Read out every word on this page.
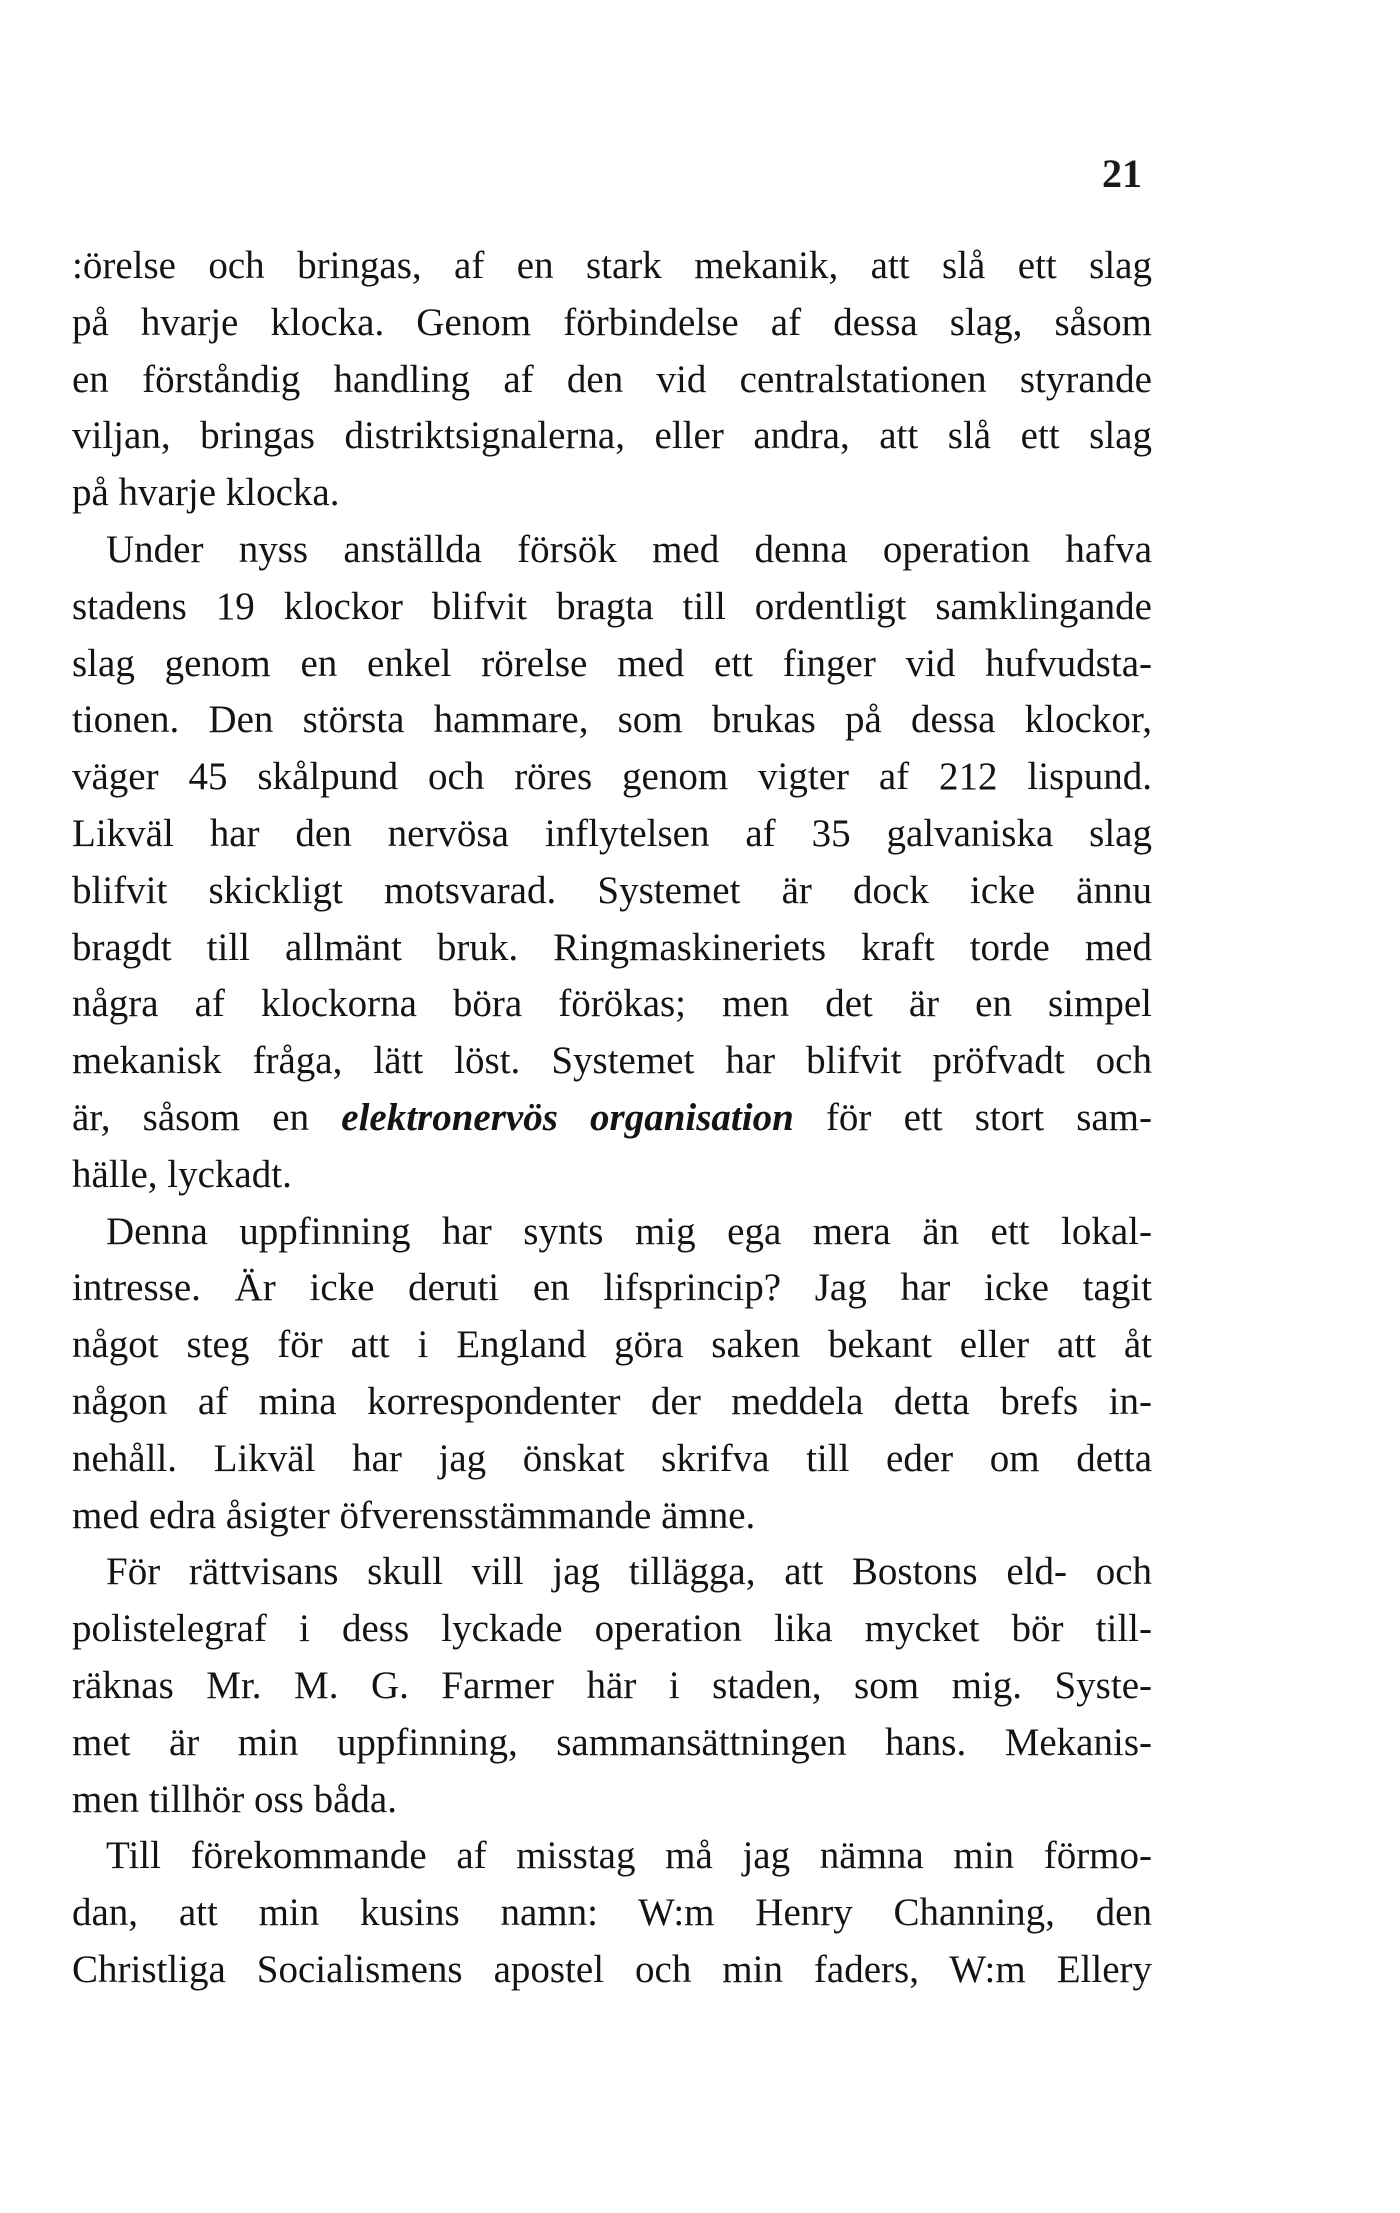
21
:örelse och bringas, af en stark mekanik, att slå ett slag
på hvarje klocka. Genom förbindelse af dessa slag, såsom
en förståndig handling af den vid centralstationen styrande
viljan, bringas distriktsignalerna, eller andra, att slå ett slag
på hvarje klocka.
Under nyss anställda försök med denna operation hafva
stadens 19 klockor blifvit bragta till ordentligt samklingande
slag genom en enkel rörelse med ett finger vid hufvudsta-
tionen. Den största hammare, som brukas på dessa klockor,
väger 45 skålpund och röres genom vigter af 212 lispund.
Likväl har den nervösa inflytelsen af 35 galvaniska slag
blifvit skickligt motsvarad. Systemet är dock icke ännu
bragdt till allmänt bruk. Ringmaskineriets kraft torde med
några af klockorna böra förökas; men det är en simpel
mekanisk fråga, lätt löst. Systemet har blifvit pröfvadt och
är, såsom en elektronervös organisation för ett stort sam-
hälle, lyckadt.
Denna uppfinning har synts mig ega mera än ett lokal-
intresse. Är icke deruti en lifsprincip? Jag har icke tagit
något steg för att i England göra saken bekant eller att åt
någon af mina korrespondenter der meddela detta brefs in-
nehåll. Likväl har jag önskat skrifva till eder om detta
med edra åsigter öfverensstämmande ämne.
För rättvisans skull vill jag tillägga, att Bostons eld- och
polistelegraf i dess lyckade operation lika mycket bör till-
räknas Mr. M. G. Farmer här i staden, som mig. Syste-
met är min uppfinning, sammansättningen hans. Mekanis-
men tillhör oss båda.
Till förekommande af misstag må jag nämna min förmo-
dan, att min kusins namn: W:m Henry Channing, den
Christliga Socialismens apostel och min faders, W:m Ellery
